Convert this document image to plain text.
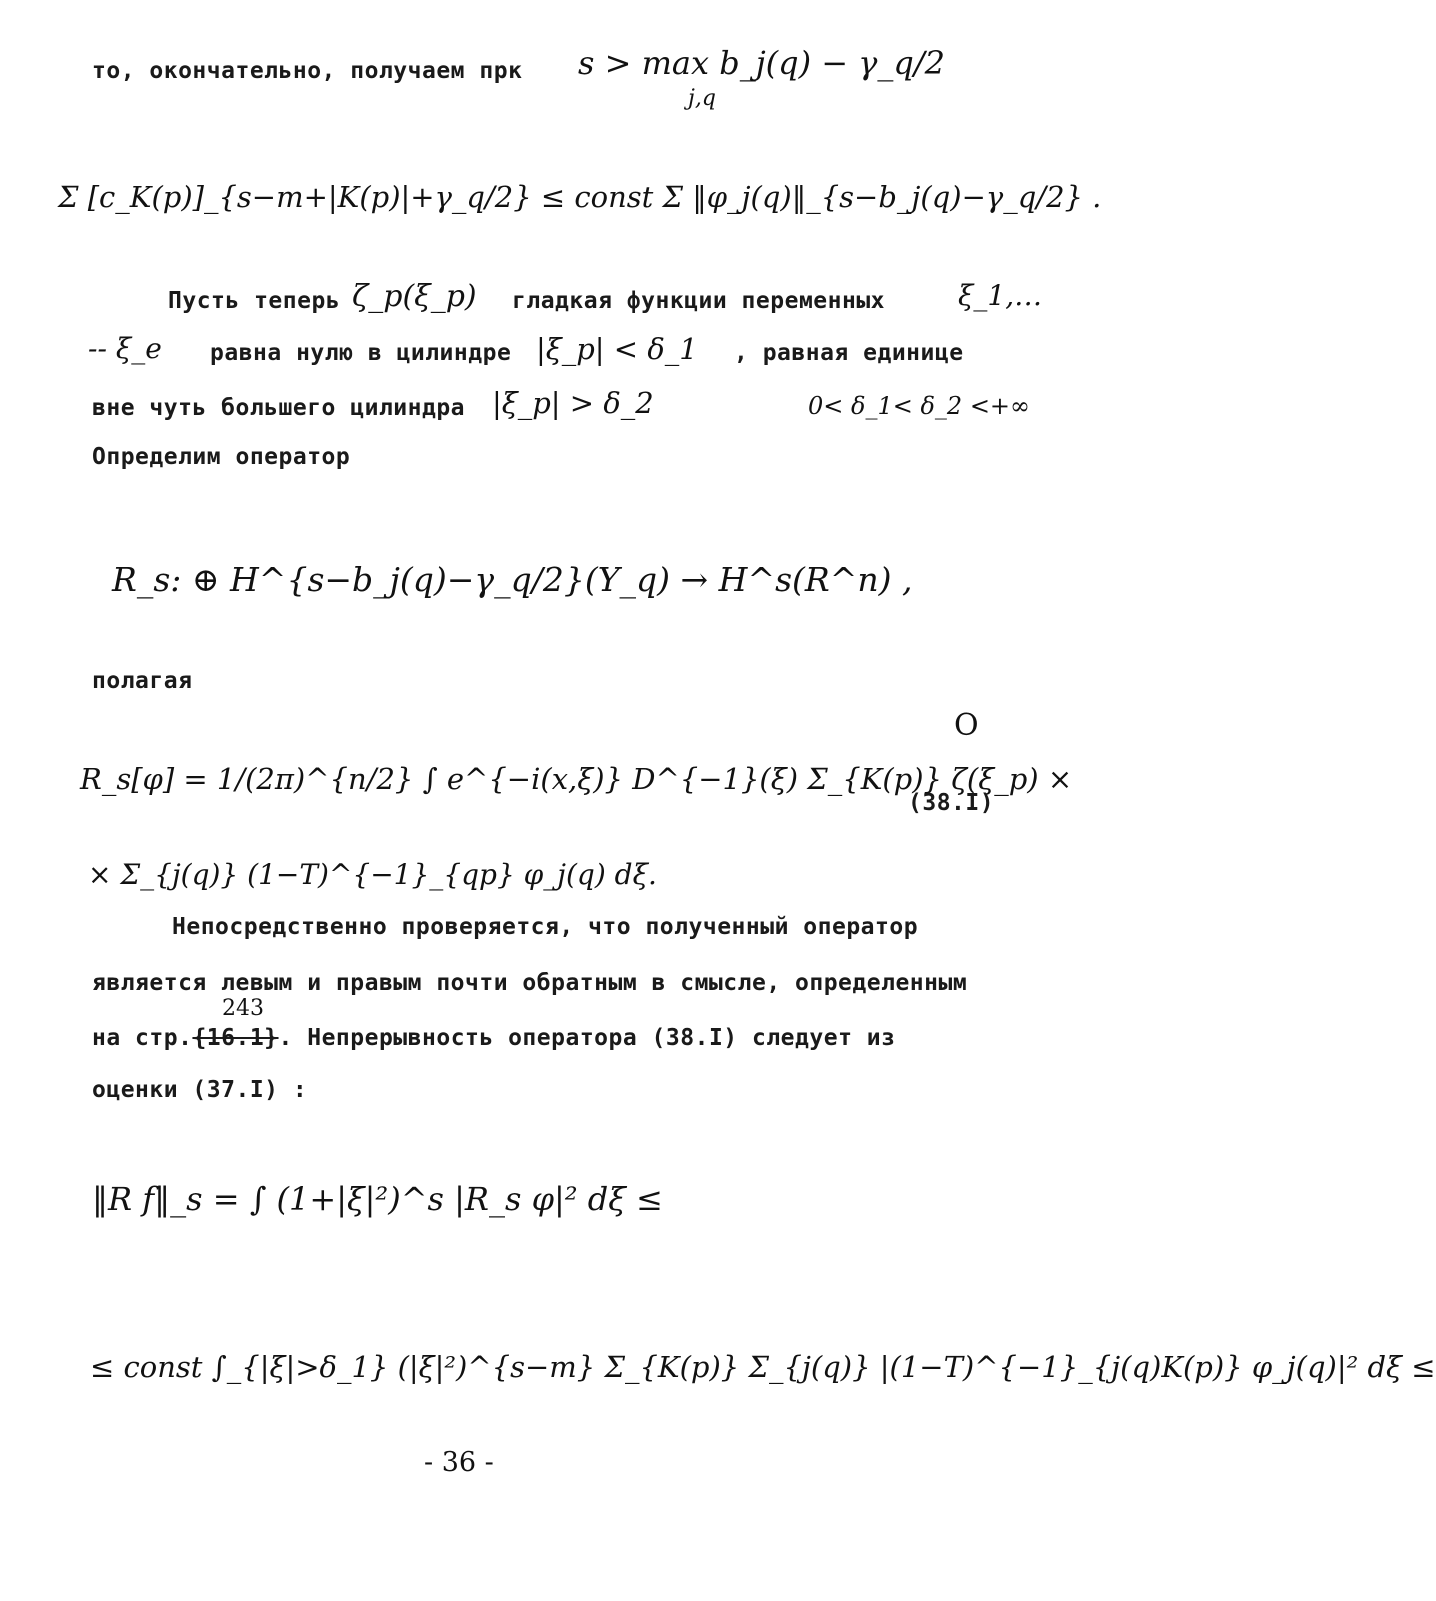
то, окончательно, получаем прк s > max b_j(q) − γ_q/2
j,q
Σ [c_K(p)]_{s−m+|K(p)|+γ_q/2} ≤ const Σ ‖φ_j(q)‖_{s−b_j(q)−γ_q/2} .
Пусть теперь ζ_p(ξ_p) гладкая функции переменных	ξ_1,…
-- ξ_e равна нулю в цилиндре |ξ_p| < δ_1 , равная единице
вне чуть большего цилиндра |ξ_p| > δ_2	0< δ_1< δ_2 <+∞
Определим оператор
R_s: ⊕ H^{s−b_j(q)−γ_q/2}(Y_q) → H^s(R^n) ,
полагая
O
R_s[φ] = 1/(2π)^{n/2} ∫ e^{−i(x,ξ)} D^{−1}(ξ) Σ_{K(p)} ζ(ξ_p) ×
(38.I)
× Σ_{j(q)} (1−T)^{−1}_{qp} φ_j(q) dξ.
Непосредственно проверяется, что полученный оператор
является левым и правым почти обратным в смысле, определенным
243
на стр.{16.1}. Непрерывность оператора (38.I) следует из
оценки (37.I) :
‖R f‖_s = ∫ (1+|ξ|²)^s |R_s φ|² dξ ≤
≤ const ∫_{|ξ|>δ_1} (|ξ|²)^{s−m} Σ_{K(p)} Σ_{j(q)} |(1−T)^{−1}_{j(q)K(p)} φ_j(q)|² dξ ≤
- 36 -
